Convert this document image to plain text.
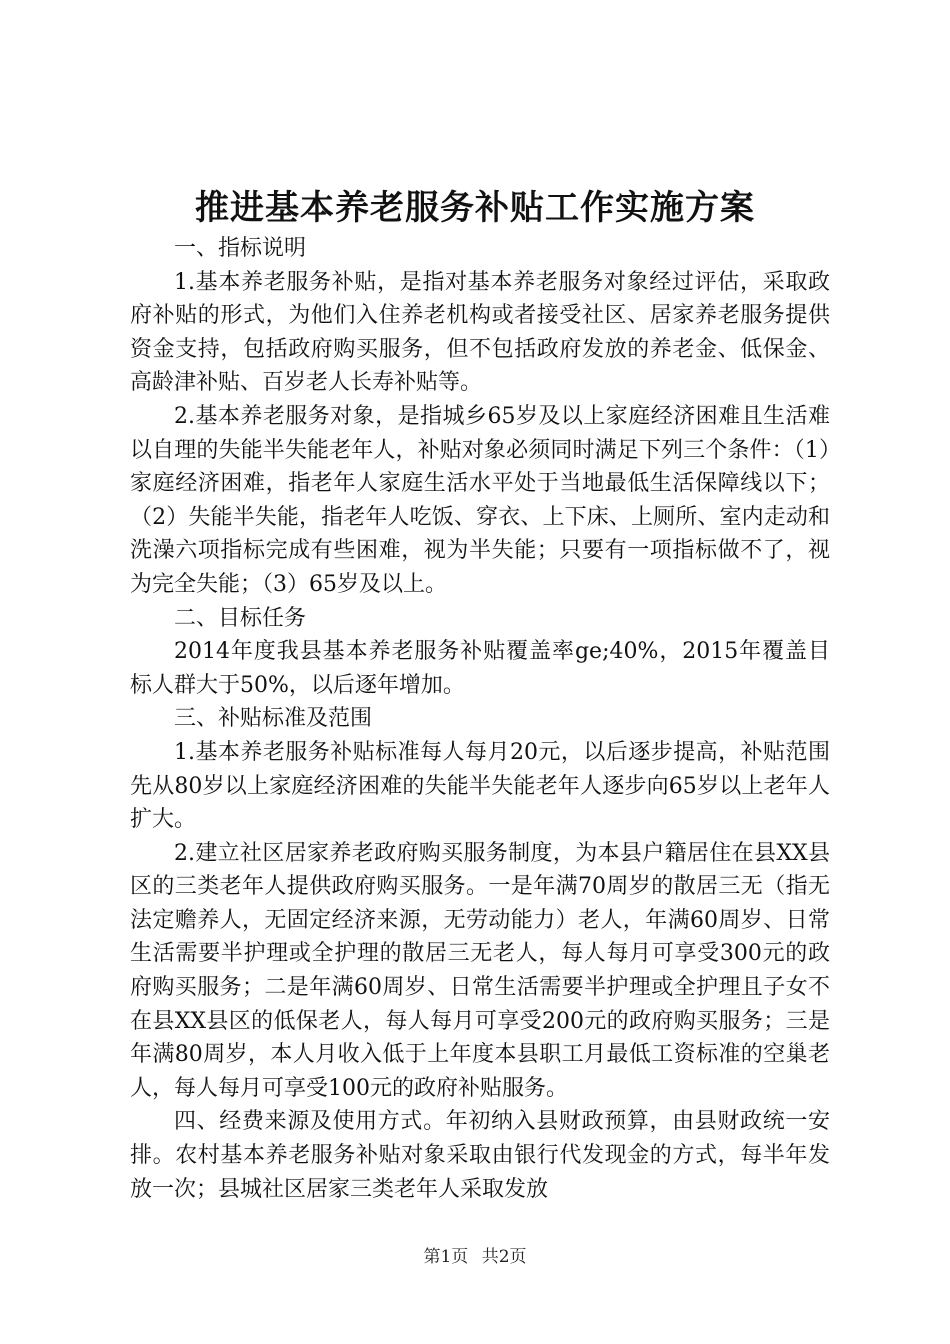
推进基本养老服务补贴工作实施方案

一、指标说明

1.基本养老服务补贴，是指对基本养老服务对象经过评估，采取政府补贴的形式，为他们入住养老机构或者接受社区、居家养老服务提供资金支持，包括政府购买服务，但不包括政府发放的养老金、低保金、高龄津补贴、百岁老人长寿补贴等。

2.基本养老服务对象，是指城乡65岁及以上家庭经济困难且生活难以自理的失能半失能老年人，补贴对象必须同时满足下列三个条件：（1）家庭经济困难，指老年人家庭生活水平处于当地最低生活保障线以下；（2）失能半失能，指老年人吃饭、穿衣、上下床、上厕所、室内走动和洗澡六项指标完成有些困难，视为半失能；只要有一项指标做不了，视为完全失能；（3）65岁及以上。

二、目标任务

2014年度我县基本养老服务补贴覆盖率ge;40%，2015年覆盖目标人群大于50%，以后逐年增加。

三、补贴标准及范围

1.基本养老服务补贴标准每人每月20元，以后逐步提高，补贴范围先从80岁以上家庭经济困难的失能半失能老年人逐步向65岁以上老年人扩大。

2.建立社区居家养老政府购买服务制度，为本县户籍居住在县XX县区的三类老年人提供政府购买服务。一是年满70周岁的散居三无（指无法定赡养人，无固定经济来源，无劳动能力）老人，年满60周岁、日常生活需要半护理或全护理的散居三无老人，每人每月可享受300元的政府购买服务；二是年满60周岁、日常生活需要半护理或全护理且子女不在县XX县区的低保老人，每人每月可享受200元的政府购买服务；三是年满80周岁，本人月收入低于上年度本县职工月最低工资标准的空巢老人，每人每月可享受100元的政府补贴服务。

四、经费来源及使用方式。年初纳入县财政预算，由县财政统一安排。农村基本养老服务补贴对象采取由银行代发现金的方式，每半年发放一次；县城社区居家三类老年人采取发放

第1页 共2页
